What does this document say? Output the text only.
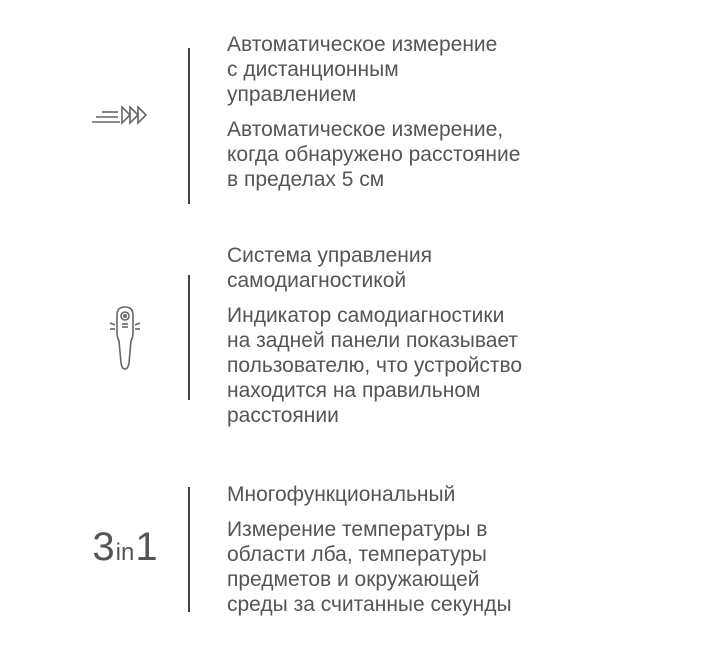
Автоматическое измерение
с дистанционным
управлением

Автоматическое измерение,
когда обнаружено расстояние
в пределах 5 см

Система управления
самодиагностикой

Индикатор самодиагностики
на задней панели показывает
пользователю, что устройство
находится на правильном
расстоянии

3 in 1
Многофункциональный

Измерение температуры в
области лба, температуры
предметов и окружающей
среды за считанные секунды
